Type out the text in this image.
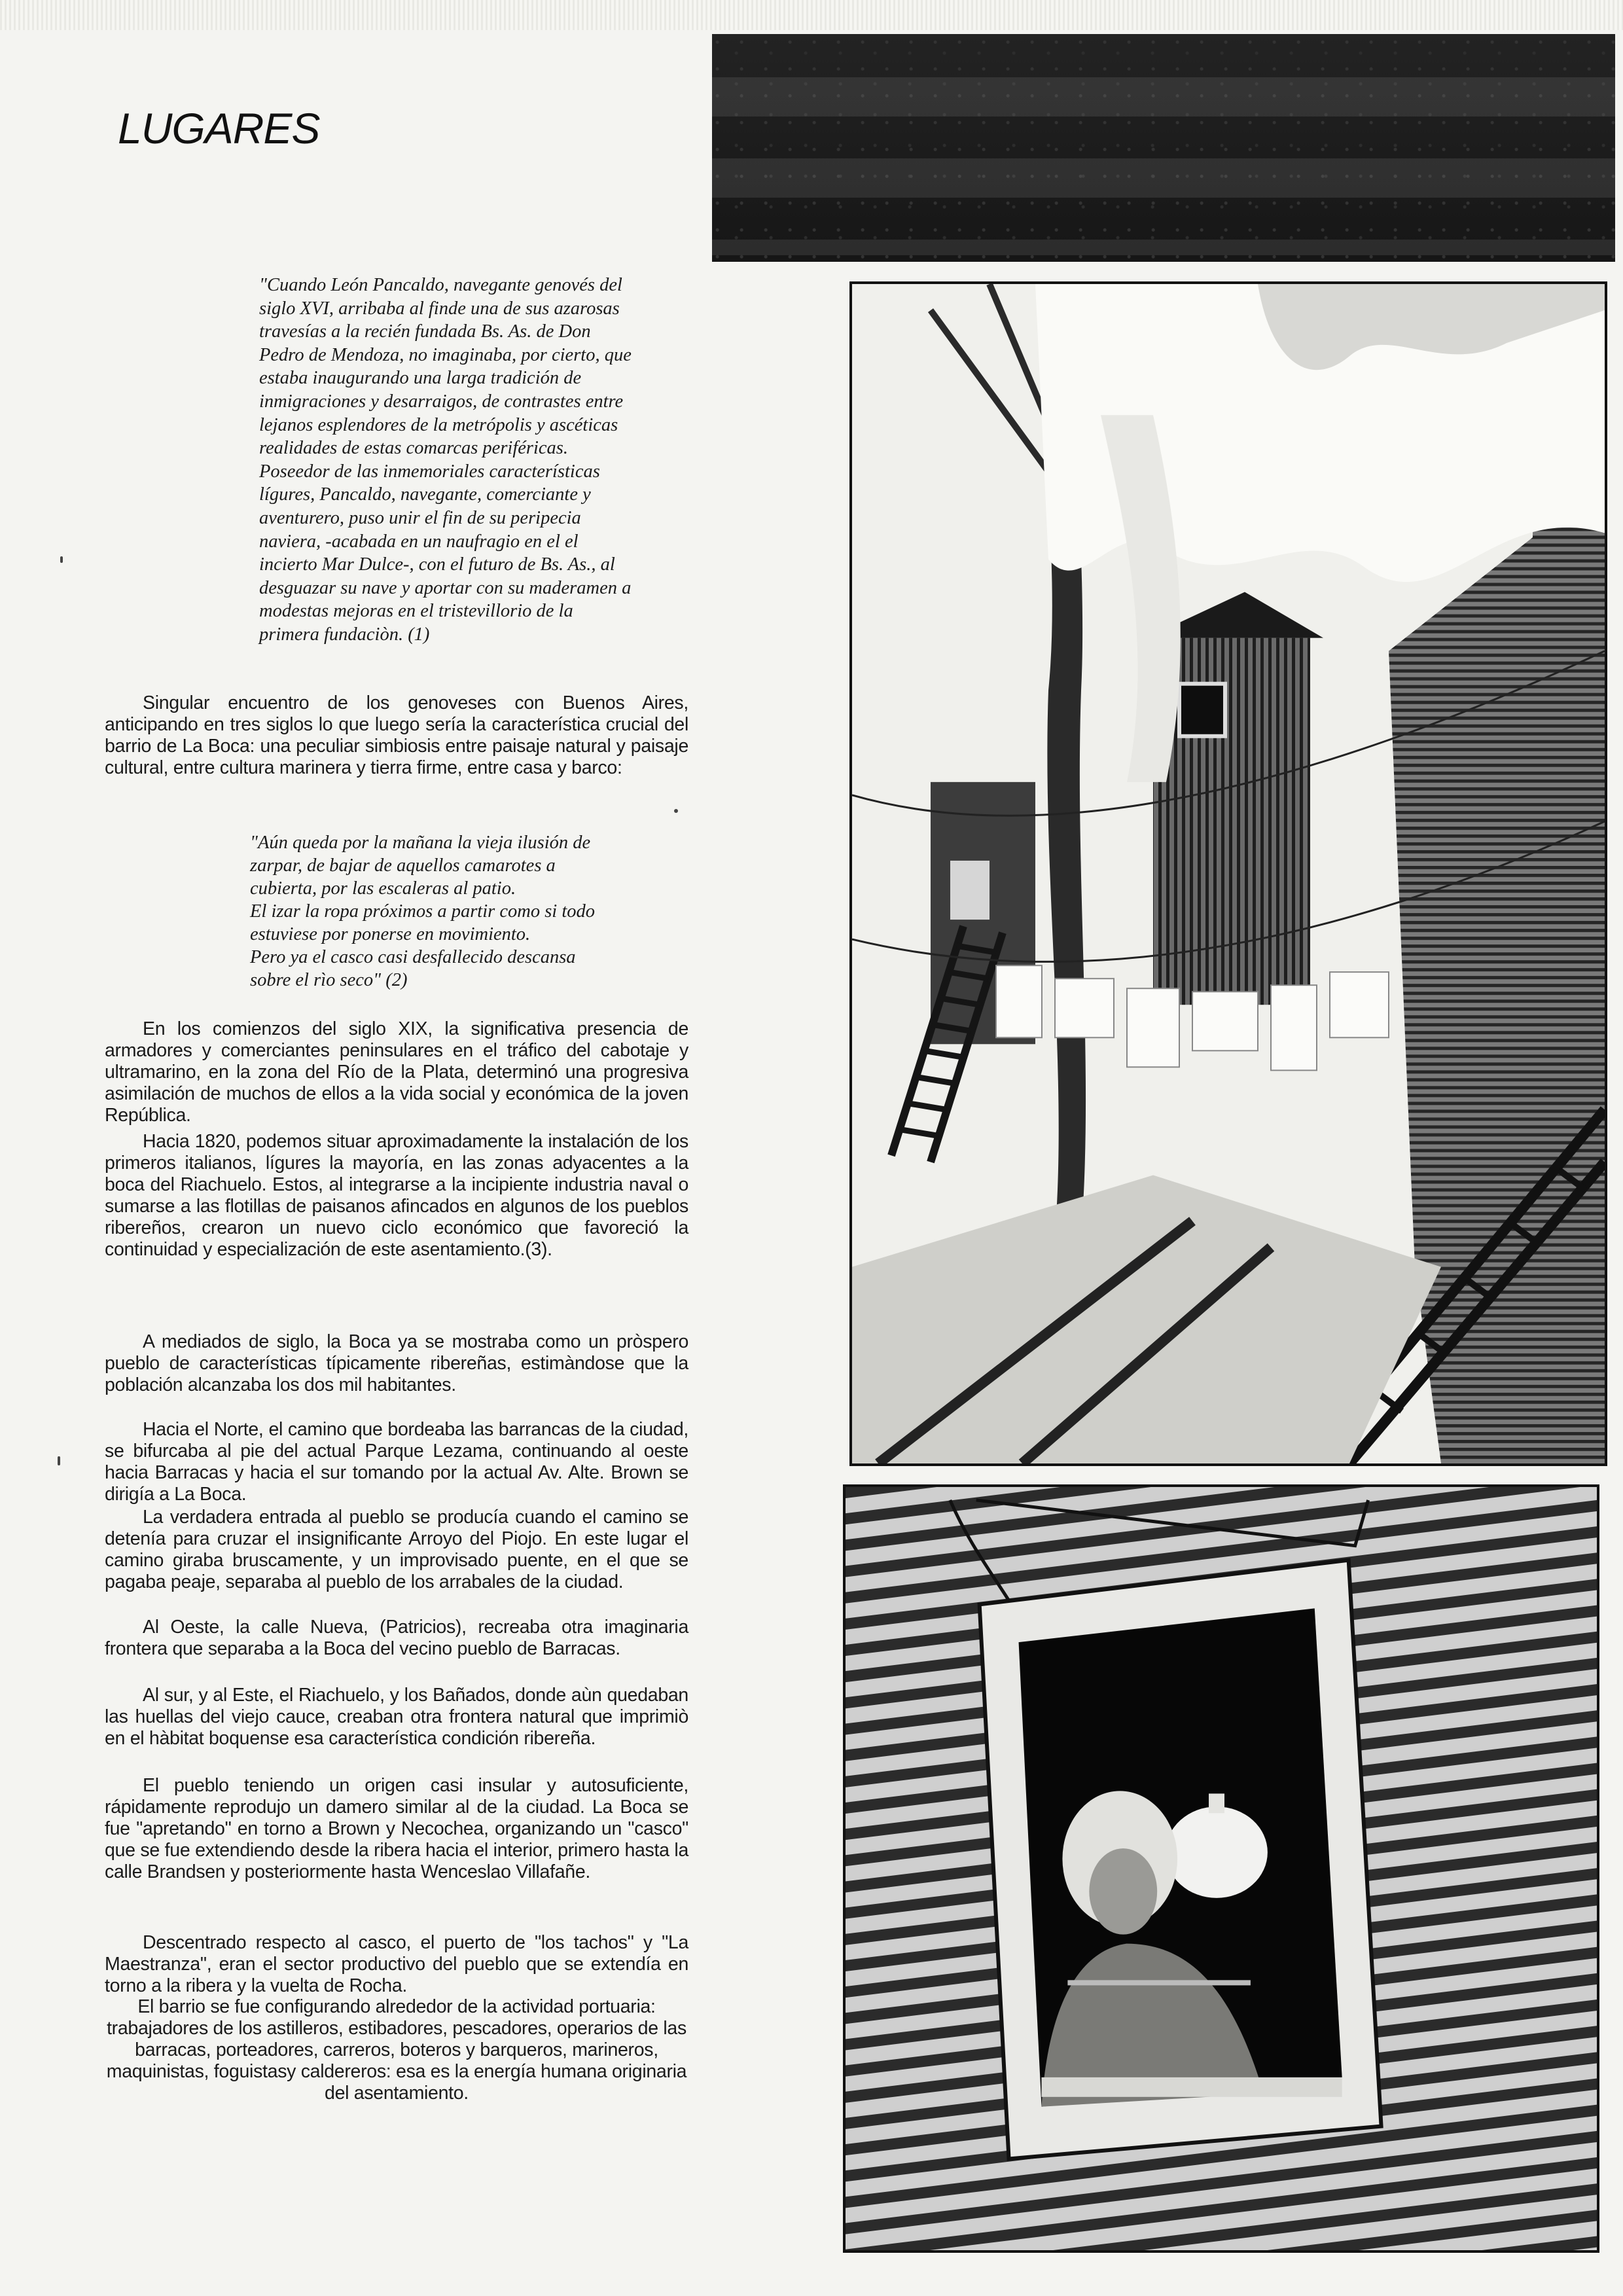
LUGARES
"Cuando León Pancaldo, navegante genovés del
siglo XVI, arribaba al finde una de sus azarosas
travesías a la recién fundada Bs. As. de Don
Pedro de Mendoza, no imaginaba, por cierto, que
estaba inaugurando una larga tradición de
inmigraciones y desarraigos, de contrastes entre
lejanos esplendores de la metrópolis y ascéticas
realidades de estas comarcas periféricas.
Poseedor de las inmemoriales características
lígures, Pancaldo, navegante, comerciante y
aventurero, puso unir el fin de su peripecia
naviera, -acabada en un naufragio en el el
incierto Mar Dulce-, con el futuro de Bs. As., al
desguazar su nave y aportar con su maderamen a
modestas mejoras en el tristevillorio de la
primera fundaciòn. (1)

Singular encuentro de los genoveses con Buenos Aires, anticipando en tres siglos lo que luego sería la característica crucial del barrio de La Boca: una peculiar simbiosis entre paisaje natural y paisaje cultural, entre cultura marinera y tierra firme, entre casa y barco:

"Aún queda por la mañana la vieja ilusión de
zarpar, de bajar de aquellos camarotes a
cubierta, por las escaleras al patio.
El izar la ropa próximos a partir como si todo
estuviese por ponerse en movimiento.
Pero ya el casco casi desfallecido descansa
sobre el rìo seco" (2)

En los comienzos del siglo XIX, la significativa presencia de armadores y comerciantes peninsulares en el tráfico del cabotaje y ultramarino, en la zona del Río de la Plata, determinó una progresiva asimilación de muchos de ellos a la vida social y económica de la joven República.

Hacia 1820, podemos situar aproximadamente la instalación de los primeros italianos, lígures la mayoría, en las zonas adyacentes a la boca del Riachuelo. Estos, al integrarse a la incipiente industria naval o sumarse a las flotillas de paisanos afincados en algunos de los pueblos ribereños, crearon un nuevo ciclo económico que favoreció la continuidad y especialización de este asentamiento.(3).

A mediados de siglo, la Boca ya se mostraba como un pròspero pueblo de características típicamente ribereñas, estimàndose que la población alcanzaba los dos mil habitantes.

Hacia el Norte, el camino que bordeaba las barrancas de la ciudad, se bifurcaba al pie del actual Parque Lezama, continuando al oeste hacia Barracas y hacia el sur tomando por la actual Av. Alte. Brown se dirigía a La Boca.

La verdadera entrada al pueblo se producía cuando el camino se detenía para cruzar el insignificante Arroyo del Piojo. En este lugar el camino giraba bruscamente, y un improvisado puente, en el que se pagaba peaje, separaba al pueblo de los arrabales de la ciudad.

Al Oeste, la calle Nueva, (Patricios), recreaba otra imaginaria frontera que separaba a la Boca del vecino pueblo de Barracas.

Al sur, y al Este, el Riachuelo, y los Bañados, donde aùn quedaban las huellas del viejo cauce, creaban otra frontera natural que imprimiò en el hàbitat boquense esa característica condición ribereña.

El pueblo teniendo un origen casi insular y autosuficiente, rápidamente reprodujo un damero similar al de la ciudad. La Boca se fue "apretando" en torno a Brown y Necochea, organizando un "casco" que se fue extendiendo desde la ribera hacia el interior, primero hasta la calle Brandsen y posteriormente hasta Wenceslao Villafañe.

Descentrado respecto al casco, el puerto de "los tachos" y "La Maestranza", eran el sector productivo del pueblo que se extendía en torno a la ribera y la vuelta de Rocha.

El barrio se fue configurando alrededor de la actividad portuaria: trabajadores de los astilleros, estibadores, pescadores, operarios de las barracas, porteadores, carreros, boteros y barqueros, marineros, maquinistas, foguistasy caldereros: esa es la energía humana originaria del asentamiento.
